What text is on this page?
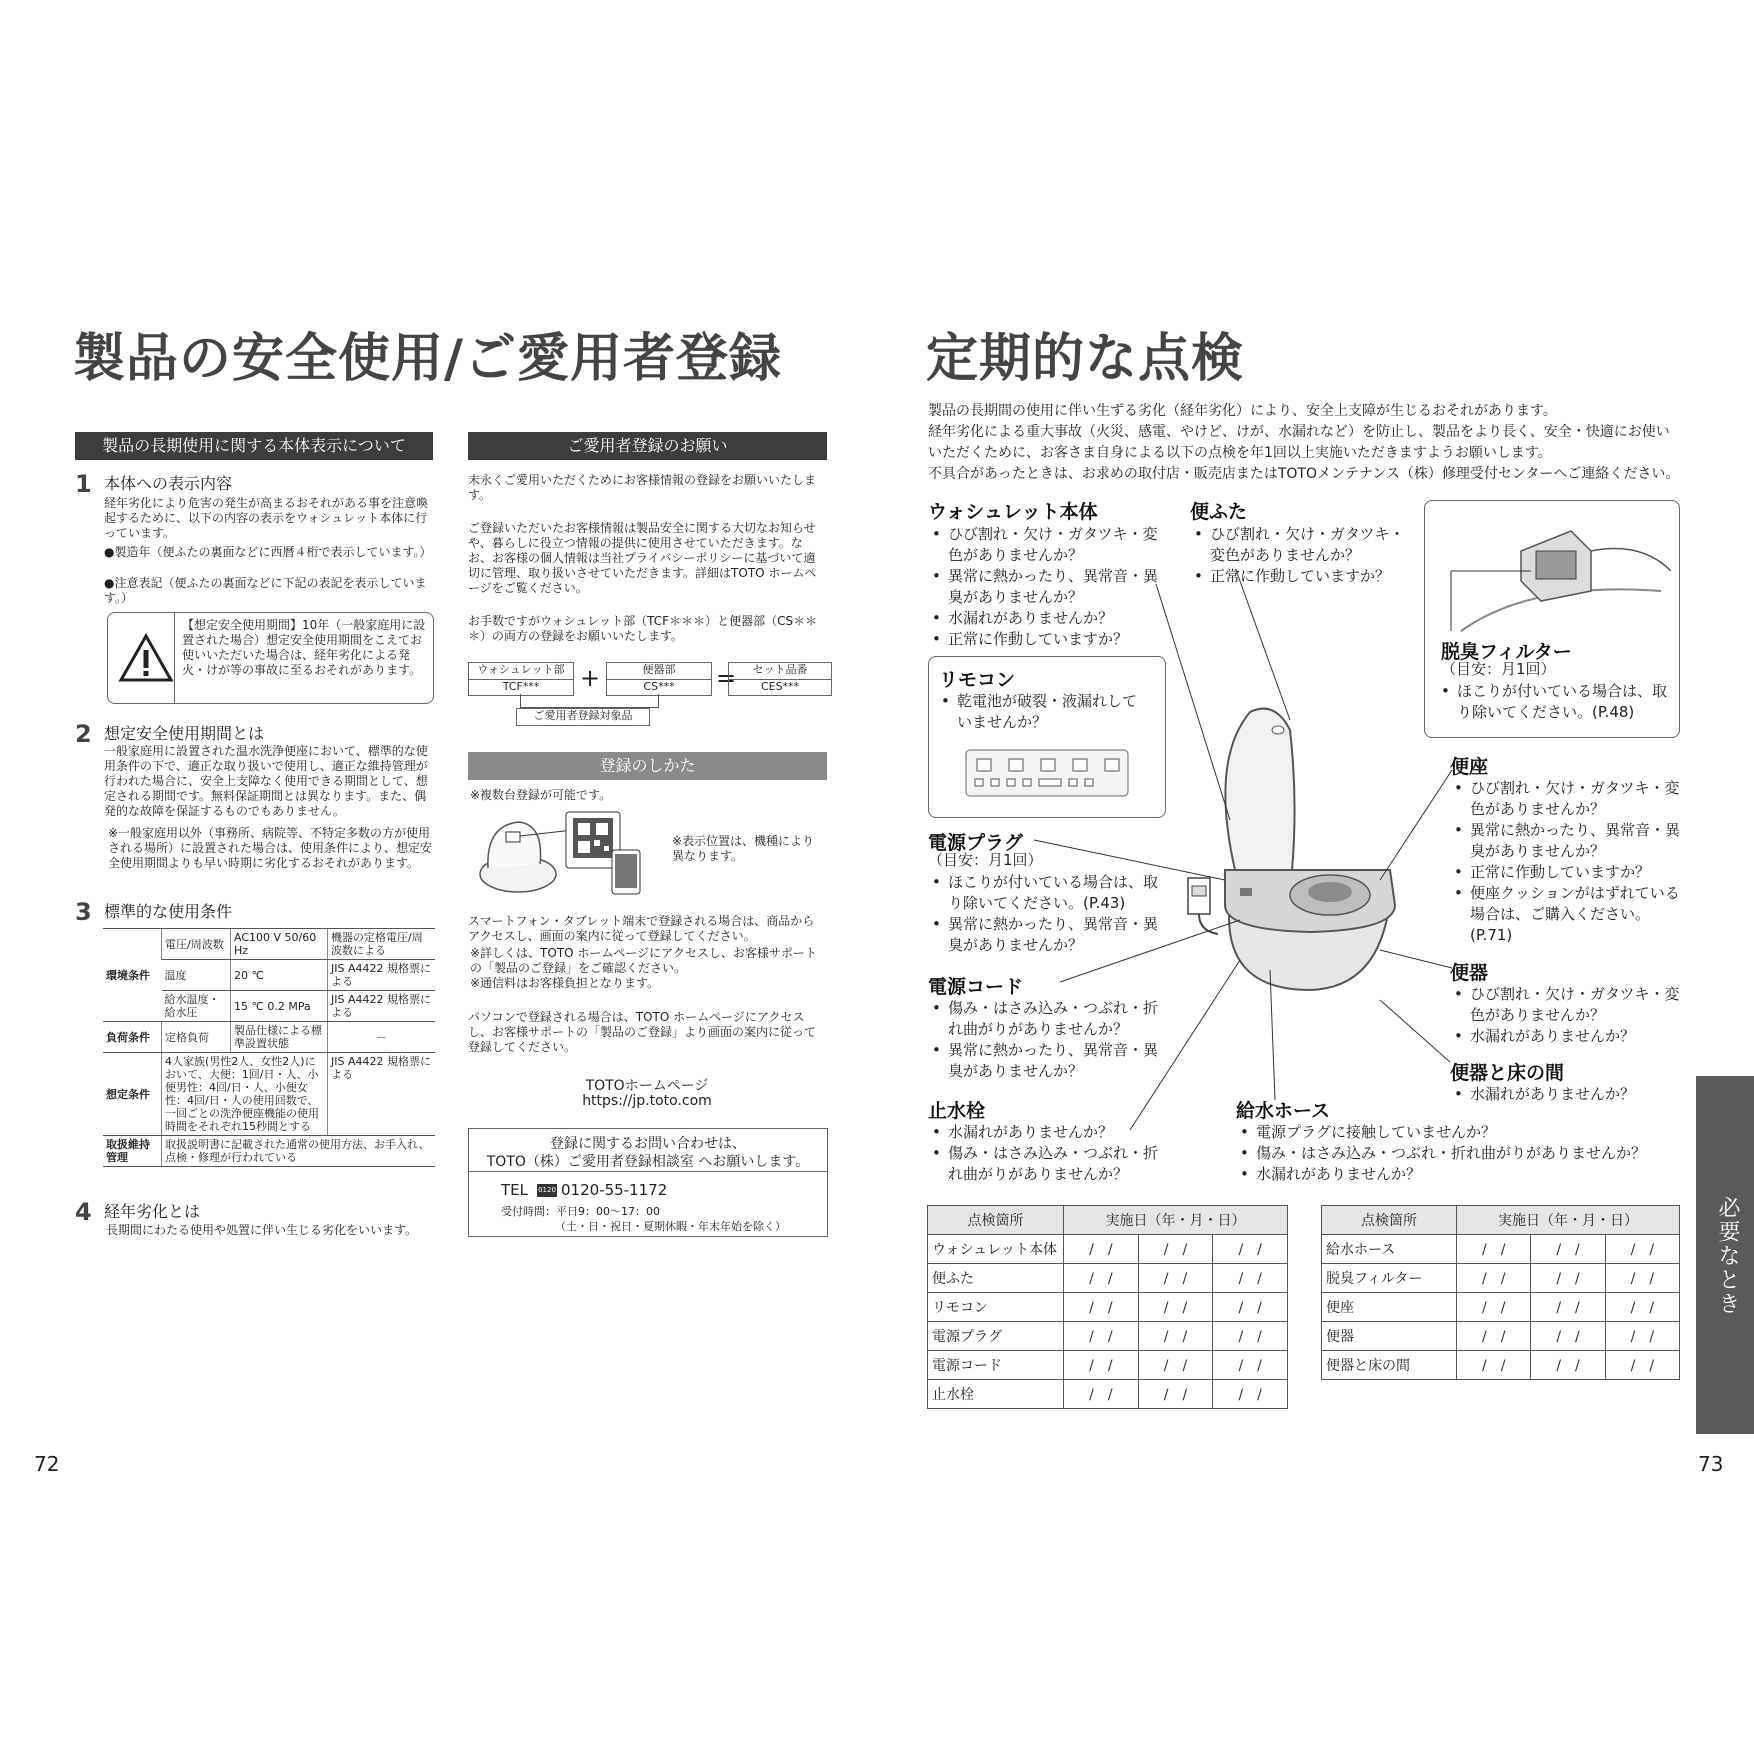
製品の安全使用/ご愛用者登録
製品の長期使用に関する本体表示について
1 本体への表示内容
経年劣化により危害の発生が高まるおそれがある事を注意喚起するために、以下の内容の表示をウォシュレット本体に行っています。
●製造年（便ふたの裏面などに西暦４桁で表示しています。）
●注意表記（便ふたの裏面などに下記の表記を表示しています。）
【想定安全使用期間】10年（一般家庭用に設置された場合）想定安全使用期間をこえてお使いいただいた場合は、経年劣化による発火・けが等の事故に至るおそれがあります。
2 想定安全使用期間とは
一般家庭用に設置された温水洗浄便座において、標準的な使用条件の下で、適正な取り扱いで使用し、適正な維持管理が行われた場合に、安全上支障なく使用できる期間として、想定される期間です。無料保証期間とは異なります。また、偶発的な故障を保証するものでもありません。
※一般家庭用以外（事務所、病院等、不特定多数の方が使用される場所）に設置された場合は、使用条件により、想定安全使用期間よりも早い時期に劣化するおそれがあります。
3 標準的な使用条件
環境条件	電圧/周波数	AC100 V 50/60 Hz	機器の定格電圧/周波数による
	温度	20 ℃	JIS A4422 規格票による
	給水温度・給水圧	15 ℃ 0.2 MPa	JIS A4422 規格票による
負荷条件	定格負荷	製品仕様による標準設置状態	－
想定条件	4人家族(男性2人、女性2人)において、大便：1回/日・人、小便男性：4回/日・人、小便女性：4回/日・人の使用回数で、一回ごとの洗浄便座機能の使用時間をそれぞれ15秒間とする		JIS A4422 規格票による
取扱維持管理	取扱説明書に記載された通常の使用方法、お手入れ、点検・修理が行われている		
4 経年劣化とは
長期間にわたる使用や処置に伴い生じる劣化をいいます。
ご愛用者登録のお願い
末永くご愛用いただくためにお客様情報の登録をお願いいたします。
ご登録いただいたお客様情報は製品安全に関する大切なお知らせや、暮らしに役立つ情報の提供に使用させていただきます。なお、お客様の個人情報は当社プライバシーポリシーに基づいて適切に管理、取り扱いさせていただきます。詳細はTOTO ホームページをご覧ください。
お手数ですがウォシュレット部（TCF＊＊＊）と便器部（CS＊＊＊）の両方の登録をお願いいたします。
ウォシュレット部
TCF***	+	便器部
CS***	=	セット品番
CES***
ご愛用者登録対象品
登録のしかた
※複数台登録が可能です。
※表示位置は、機種により異なります。
スマートフォン・タブレット端末で登録される場合は、商品からアクセスし、画面の案内に従って登録してください。
※詳しくは、TOTO ホームページにアクセスし、お客様サポートの「製品のご登録」をご確認ください。
※通信料はお客様負担となります。
パソコンで登録される場合は、TOTO ホームページにアクセスし、お客様サポートの「製品のご登録」より画面の案内に従って登録してください。
TOTOホームページ
https://jp.toto.com
登録に関するお問い合わせは、
TOTO（株）ご愛用者登録相談室 へお願いします。
TEL 0120 0120-55-1172
受付時間：平日9：00～17：00
（土・日・祝日・夏期休暇・年末年始を除く）
72
定期的な点検
製品の長期間の使用に伴い生ずる劣化（経年劣化）により、安全上支障が生じるおそれがあります。
経年劣化による重大事故（火災、感電、やけど、けが、水漏れなど）を防止し、製品をより長く、安全・快適にお使い
いただくために、お客さま自身による以下の点検を年1回以上実施いただきますようお願いします。
不具合があったときは、お求めの取付店・販売店またはTOTOメンテナンス（株）修理受付センターへご連絡ください。
脱臭フィルター
（目安：月1回）
• ほこりが付いている場合は、取り除いてください。(P.48)
リモコン
• 乾電池が破裂・液漏れしていませんか？
ウォシュレット本体
• ひび割れ・欠け・ガタツキ・変色がありませんか？
• 異常に熱かったり、異常音・異臭がありませんか？
• 水漏れがありませんか？
• 正常に作動していますか？
便ふた
• ひび割れ・欠け・ガタツキ・変色がありませんか？
• 正常に作動していますか？
便座
• ひび割れ・欠け・ガタツキ・変色がありませんか？
• 異常に熱かったり、異常音・異臭がありませんか？
• 正常に作動していますか？
• 便座クッションがはずれている場合は、ご購入ください。(P.71)
電源プラグ
（目安：月1回）
• ほこりが付いている場合は、取り除いてください。(P.43)
• 異常に熱かったり、異常音・異臭がありませんか？
便器
• ひび割れ・欠け・ガタツキ・変色がありませんか？
• 水漏れがありませんか？
電源コード
• 傷み・はさみ込み・つぶれ・折れ曲がりがありませんか？
• 異常に熱かったり、異常音・異臭がありませんか？	便器と床の間
• 水漏れがありませんか？
止水栓
• 水漏れがありませんか？
• 傷み・はさみ込み・つぶれ・折れ曲がりがありませんか？
給水ホース
• 電源プラグに接触していませんか？
• 傷み・はさみ込み・つぶれ・折れ曲がりがありませんか？
• 水漏れがありませんか？
点検箇所	実施日（年・月・日）		
ウォシュレット本体	/　/	/　/	/　/
便ふた	/　/	/　/	/　/
リモコン	/　/	/　/	/　/
電源プラグ	/　/	/　/	/　/
電源コード	/　/	/　/	/　/
止水栓	/　/	/　/	/　/
点検箇所	実施日（年・月・日）		
給水ホース	/　/	/　/	/　/
脱臭フィルター	/　/	/　/	/　/
便座	/　/	/　/	/　/
便器	/　/	/　/	/　/
便器と床の間	/　/	/　/	/　/
必要なとき
73
